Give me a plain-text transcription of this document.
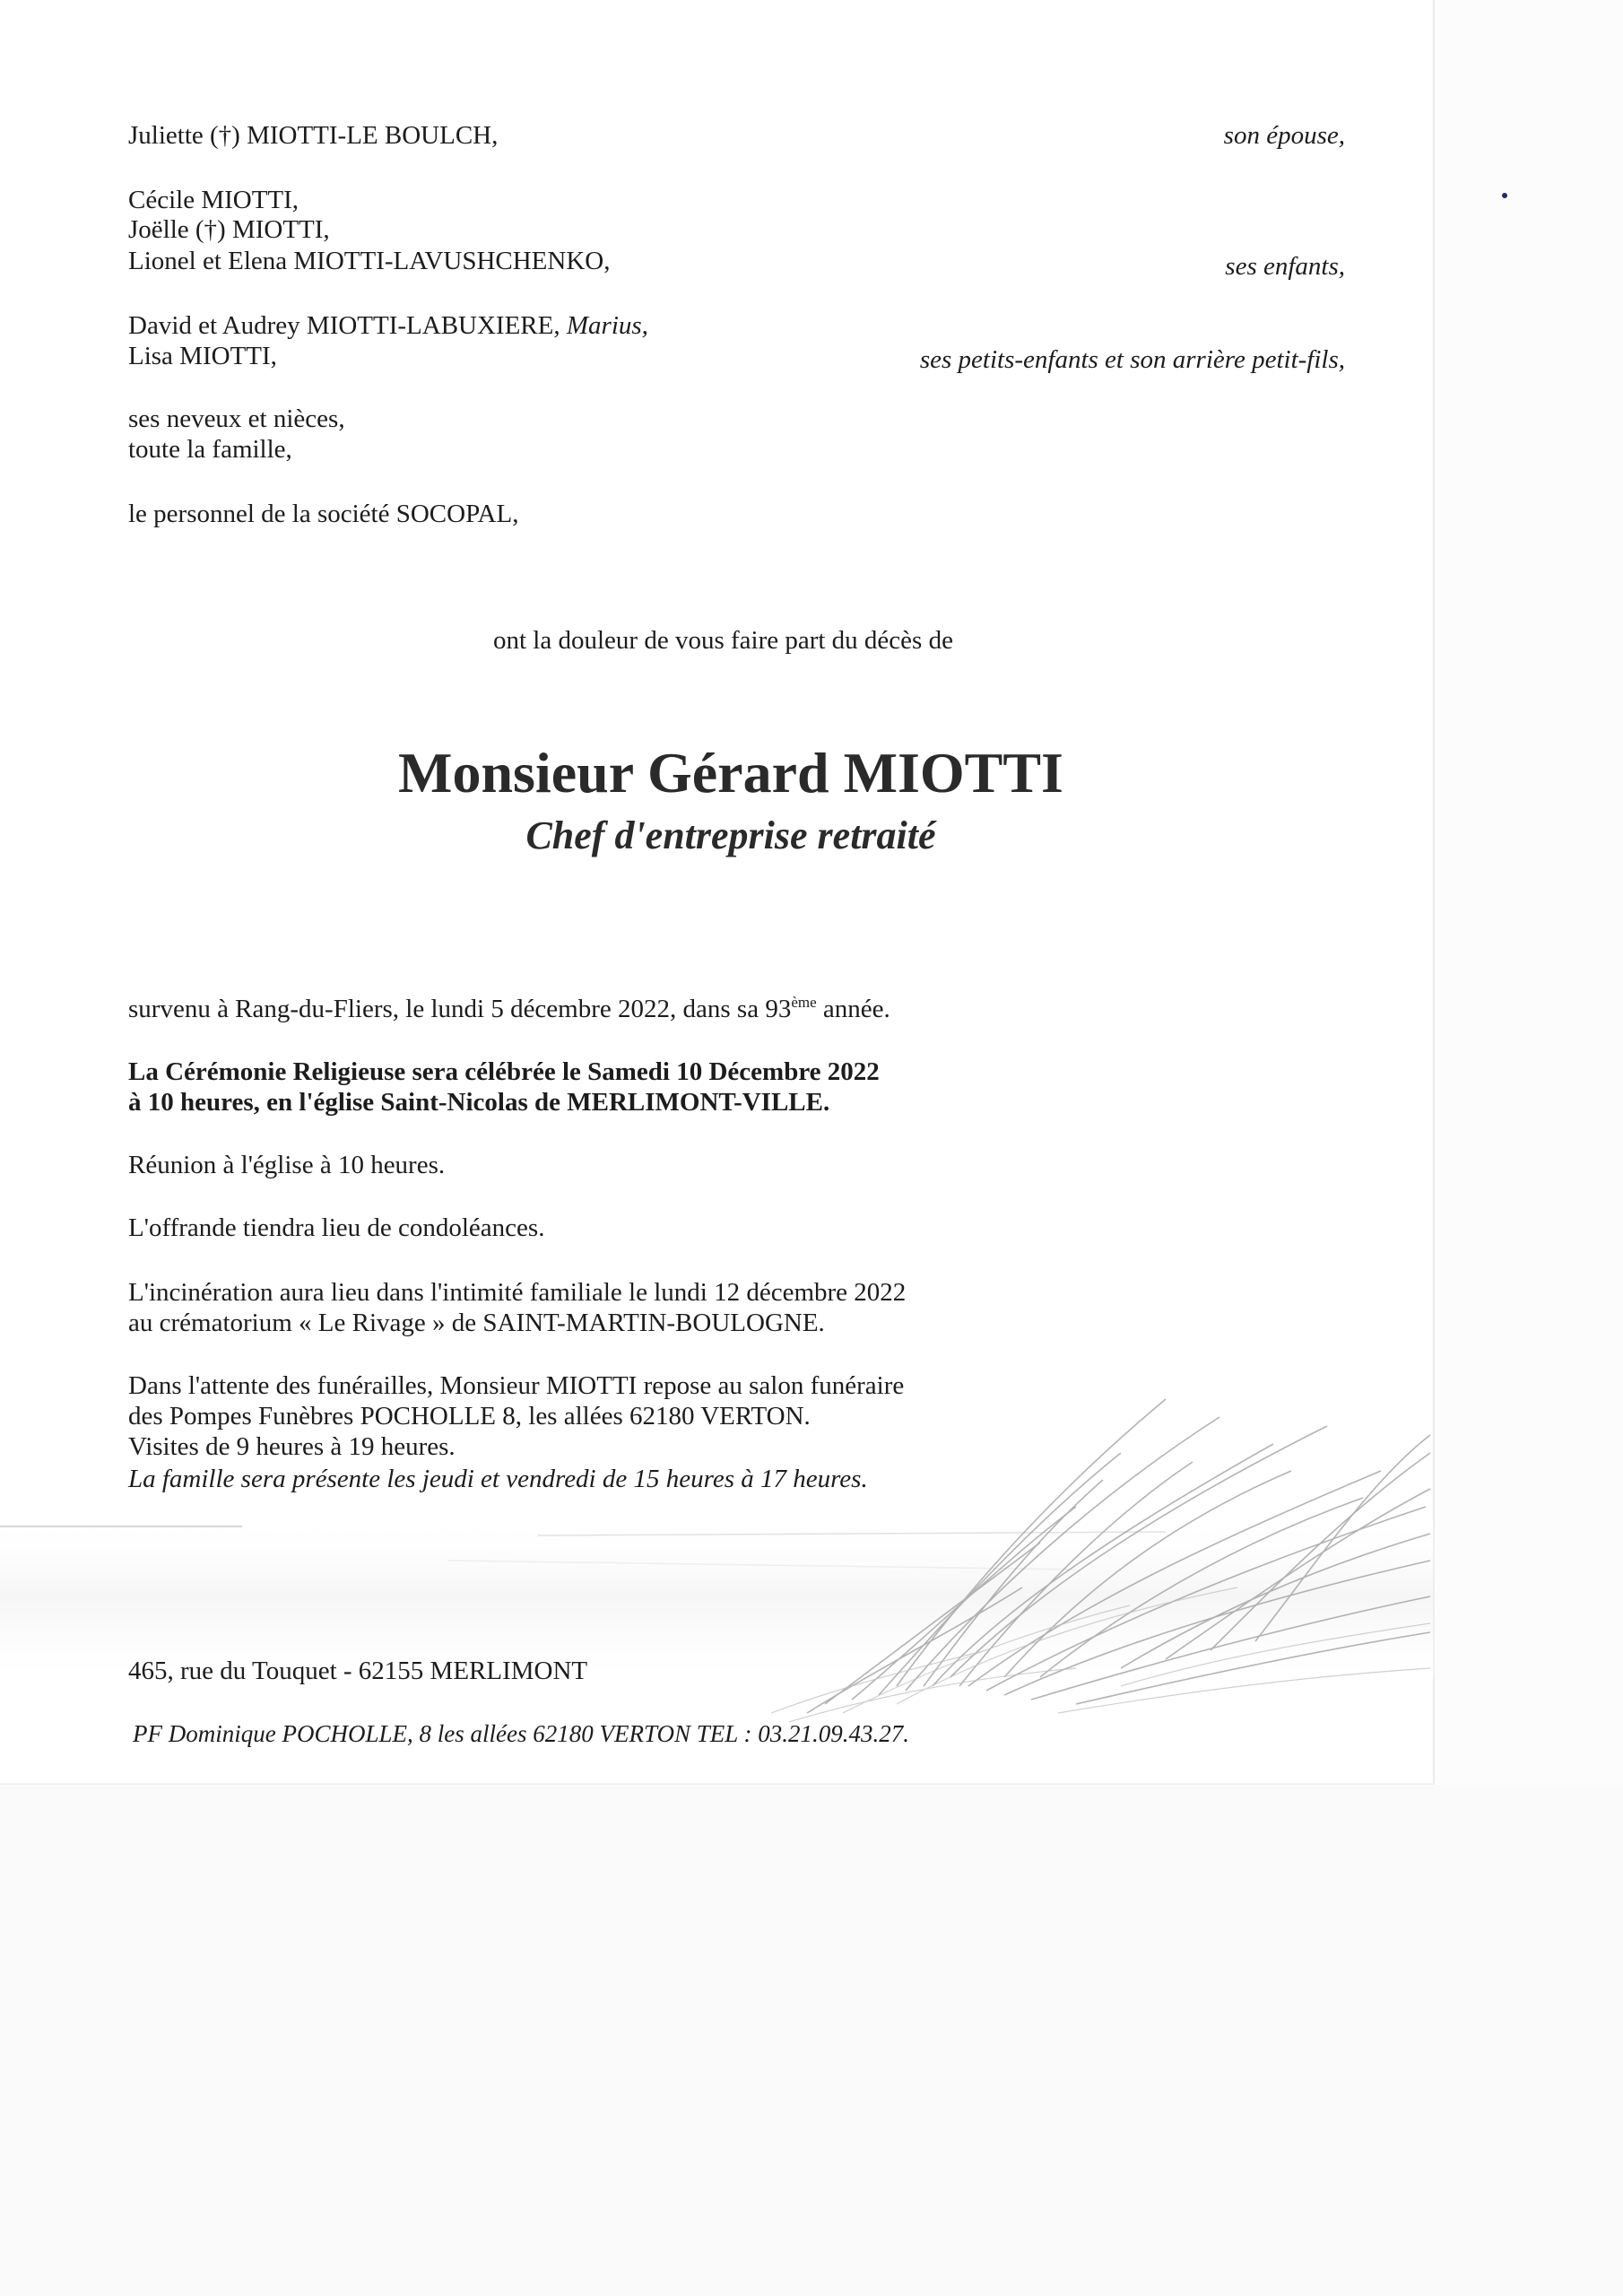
Juliette (†) MIOTTI-LE BOULCH,	son épouse,
Cécile MIOTTI,
Joëlle (†) MIOTTI,
Lionel et Elena MIOTTI-LAVUSHCHENKO,	ses enfants,
David et Audrey MIOTTI-LABUXIERE, Marius,
Lisa MIOTTI,	ses petits-enfants et son arrière petit-fils,
ses neveux et nièces,
toute la famille,
le personnel de la société SOCOPAL,
ont la douleur de vous faire part du décès de
Monsieur Gérard MIOTTI
Chef d'entreprise retraité
survenu à Rang-du-Fliers, le lundi 5 décembre 2022, dans sa 93ème année.
La Cérémonie Religieuse sera célébrée le Samedi 10 Décembre 2022
à 10 heures, en l'église Saint-Nicolas de MERLIMONT-VILLE.
Réunion à l'église à 10 heures.
L'offrande tiendra lieu de condoléances.
L'incinération aura lieu dans l'intimité familiale le lundi 12 décembre 2022
au crématorium « Le Rivage » de SAINT-MARTIN-BOULOGNE.
Dans l'attente des funérailles, Monsieur MIOTTI repose au salon funéraire
des Pompes Funèbres POCHOLLE 8, les allées 62180 VERTON.
Visites de 9 heures à 19 heures.
La famille sera présente les jeudi et vendredi de 15 heures à 17 heures.
465, rue du Touquet - 62155 MERLIMONT
PF Dominique POCHOLLE, 8 les allées 62180 VERTON TEL : 03.21.09.43.27.
